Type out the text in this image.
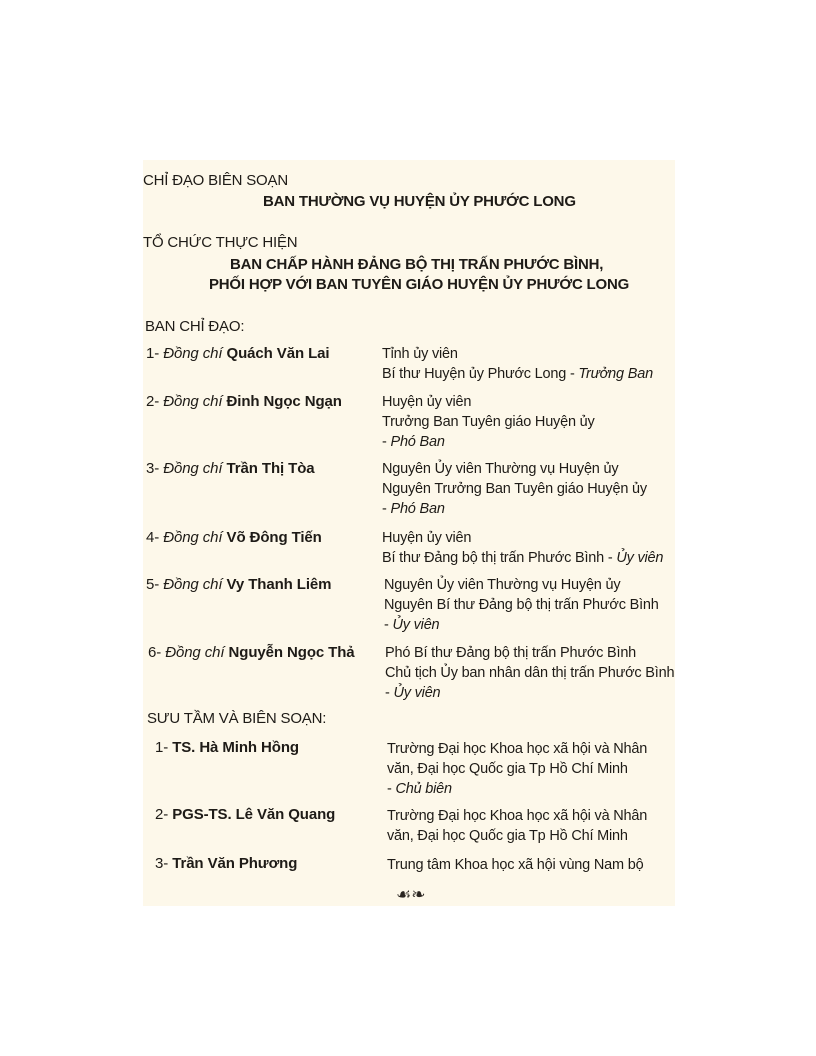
CHỈ ĐẠO BIÊN SOẠN
BAN THƯỜNG VỤ HUYỆN ỦY PHƯỚC LONG
TỔ CHỨC THỰC HIỆN
BAN CHẤP HÀNH ĐẢNG BỘ THỊ TRẤN PHƯỚC BÌNH,
PHỐI HỢP VỚI BAN TUYÊN GIÁO HUYỆN ỦY PHƯỚC LONG
BAN CHỈ ĐẠO:
1- Đồng chí Quách Văn Lai	Tỉnh ủy viên
Bí thư Huyện ủy Phước Long - Trưởng Ban
2- Đồng chí Đinh Ngọc Ngạn	Huyện ủy viên
Trưởng Ban Tuyên giáo Huyện ủy
- Phó Ban
3- Đồng chí Trần Thị Tòa	Nguyên Ủy viên Thường vụ Huyện ủy
Nguyên Trưởng Ban Tuyên giáo Huyện ủy
- Phó Ban
4- Đồng chí Võ Đông Tiến	Huyện ủy viên
Bí thư Đảng bộ thị trấn Phước Bình - Ủy viên
5- Đồng chí Vy Thanh Liêm	Nguyên Ủy viên Thường vụ Huyện ủy
Nguyên Bí thư Đảng bộ thị trấn Phước Bình
- Ủy viên
6- Đồng chí Nguyễn Ngọc Thả Phó Bí thư Đảng bộ thị trấn Phước Bình
Chủ tịch Ủy ban nhân dân thị trấn Phước Bình
- Ủy viên
SƯU TẦM VÀ BIÊN SOẠN:
1- TS. Hà Minh Hồng	Trường Đại học Khoa học xã hội và Nhân
văn, Đại học Quốc gia Tp Hồ Chí Minh
- Chủ biên
2- PGS-TS. Lê Văn Quang	Trường Đại học Khoa học xã hội và Nhân
văn, Đại học Quốc gia Tp Hồ Chí Minh
3- Trần Văn Phương	Trung tâm Khoa học xã hội vùng Nam bộ
☙❧
